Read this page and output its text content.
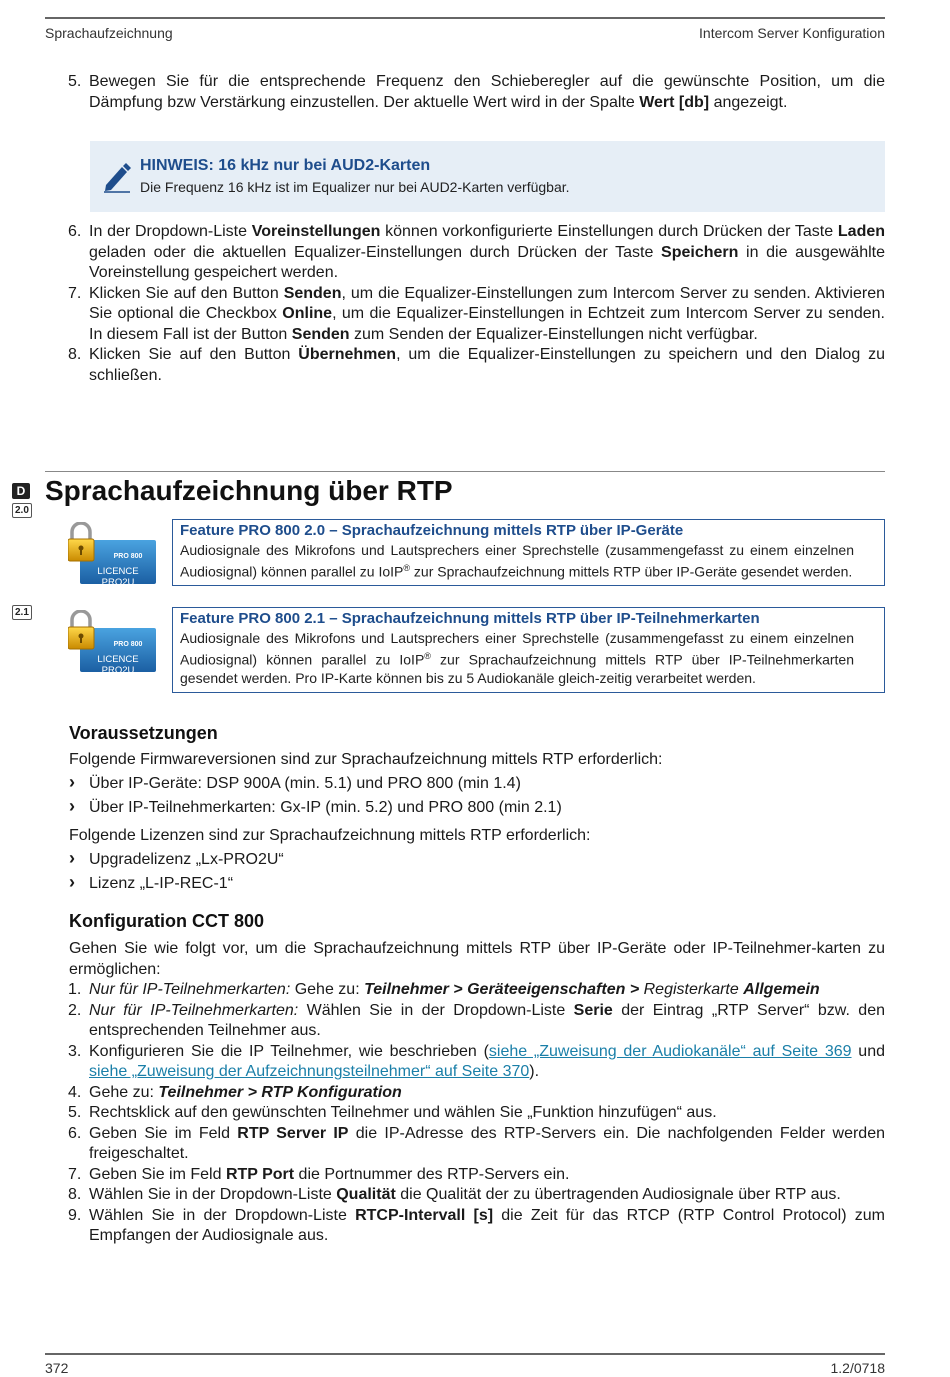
Sprachaufzeichnung	Intercom Server Konfiguration
5. Bewegen Sie für die entsprechende Frequenz den Schieberegler auf die gewünschte Position, um die Dämpfung bzw Verstärkung einzustellen. Der aktuelle Wert wird in der Spalte Wert [db] angezeigt.
HINWEIS: 16 kHz nur bei AUD2-Karten
Die Frequenz 16 kHz ist im Equalizer nur bei AUD2-Karten verfügbar.
6. In der Dropdown-Liste Voreinstellungen können vorkonfigurierte Einstellungen durch Drücken der Taste Laden geladen oder die aktuellen Equalizer-Einstellungen durch Drücken der Taste Speichern in die ausgewählte Voreinstellung gespeichert werden.
7. Klicken Sie auf den Button Senden, um die Equalizer-Einstellungen zum Intercom Server zu senden. Aktivieren Sie optional die Checkbox Online, um die Equalizer-Einstellungen in Echtzeit zum Intercom Server zu senden. In diesem Fall ist der Button Senden zum Senden der Equalizer-Einstellungen nicht verfügbar.
8. Klicken Sie auf den Button Übernehmen, um die Equalizer-Einstellungen zu speichern und den Dialog zu schließen.
D
2.0
Sprachaufzeichnung über RTP
PRO 800
LICENCE PRO2U
Feature PRO 800 2.0 – Sprachaufzeichnung mittels RTP über IP-Geräte
Audiosignale des Mikrofons und Lautsprechers einer Sprechstelle (zusammengefasst zu einem einzelnen Audiosignal) können parallel zu IoIP® zur Sprachaufzeichnung mittels RTP über IP-Geräte gesendet werden.
2.1
PRO 800
LICENCE PRO2U
Feature PRO 800 2.1 – Sprachaufzeichnung mittels RTP über IP-Teilnehmerkarten
Audiosignale des Mikrofons und Lautsprechers einer Sprechstelle (zusammengefasst zu einem einzelnen Audiosignal) können parallel zu IoIP® zur Sprachaufzeichnung mittels RTP über IP-Teilnehmerkarten gesendet werden. Pro IP-Karte können bis zu 5 Audiokanäle gleich-zeitig verarbeitet werden.
Voraussetzungen
Folgende Firmwareversionen sind zur Sprachaufzeichnung mittels RTP erforderlich:
› Über IP-Geräte: DSP 900A (min. 5.1) und PRO 800 (min 1.4)
› Über IP-Teilnehmerkarten: Gx-IP (min. 5.2) und PRO 800 (min 2.1)
Folgende Lizenzen sind zur Sprachaufzeichnung mittels RTP erforderlich:
› Upgradelizenz „Lx-PRO2U“
› Lizenz „L-IP-REC-1“
Konfiguration CCT 800
Gehen Sie wie folgt vor, um die Sprachaufzeichnung mittels RTP über IP-Geräte oder IP-Teilnehmer-karten zu ermöglichen:
1. Nur für IP-Teilnehmerkarten: Gehe zu: Teilnehmer > Geräteeigenschaften > Registerkarte Allgemein
2. Nur für IP-Teilnehmerkarten: Wählen Sie in der Dropdown-Liste Serie der Eintrag „RTP Server“ bzw. den entsprechenden Teilnehmer aus.
3. Konfigurieren Sie die IP Teilnehmer, wie beschrieben (siehe „Zuweisung der Audiokanäle“ auf Seite 369 und siehe „Zuweisung der Aufzeichnungsteilnehmer“ auf Seite 370).
4. Gehe zu: Teilnehmer > RTP Konfiguration
5. Rechtsklick auf den gewünschten Teilnehmer und wählen Sie „Funktion hinzufügen“ aus.
6. Geben Sie im Feld RTP Server IP die IP-Adresse des RTP-Servers ein. Die nachfolgenden Felder werden freigeschaltet.
7. Geben Sie im Feld RTP Port die Portnummer des RTP-Servers ein.
8. Wählen Sie in der Dropdown-Liste Qualität die Qualität der zu übertragenden Audiosignale über RTP aus.
9. Wählen Sie in der Dropdown-Liste RTCP-Intervall [s] die Zeit für das RTCP (RTP Control Protocol) zum Empfangen der Audiosignale aus.
372	1.2/0718
